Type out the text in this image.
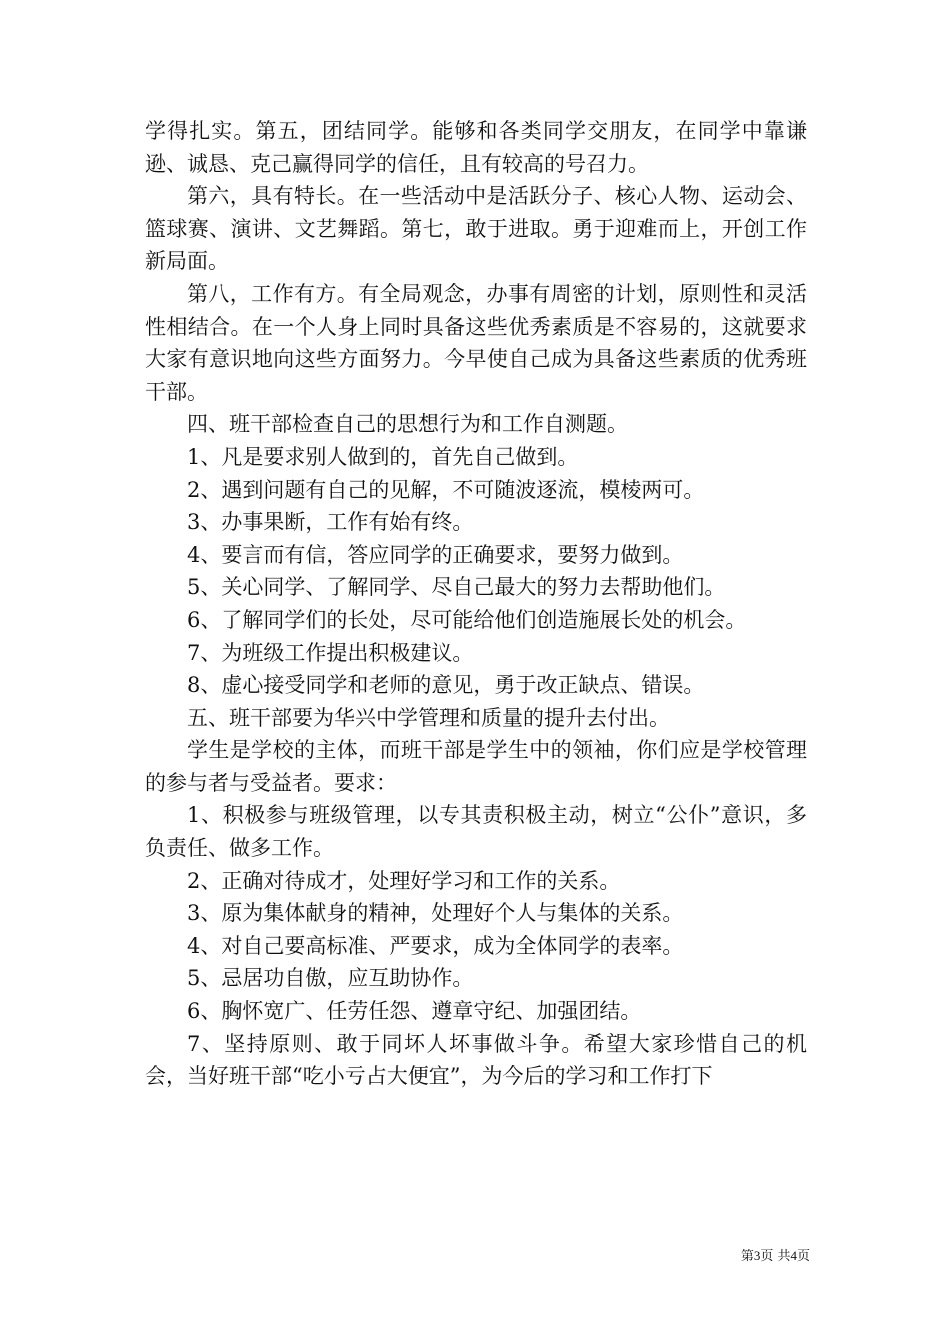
学得扎实。第五，团结同学。能够和各类同学交朋友，在同学中靠谦逊、诚恳、克己赢得同学的信任，且有较高的号召力。

第六，具有特长。在一些活动中是活跃分子、核心人物、运动会、篮球赛、演讲、文艺舞蹈。第七，敢于进取。勇于迎难而上，开创工作新局面。

第八，工作有方。有全局观念，办事有周密的计划，原则性和灵活性相结合。在一个人身上同时具备这些优秀素质是不容易的，这就要求大家有意识地向这些方面努力。今早使自己成为具备这些素质的优秀班干部。

四、班干部检查自己的思想行为和工作自测题。

1、凡是要求别人做到的，首先自己做到。

2、遇到问题有自己的见解，不可随波逐流，模棱两可。

3、办事果断，工作有始有终。

4、要言而有信，答应同学的正确要求，要努力做到。

5、关心同学、了解同学、尽自己最大的努力去帮助他们。

6、了解同学们的长处，尽可能给他们创造施展长处的机会。

7、为班级工作提出积极建议。

8、虚心接受同学和老师的意见，勇于改正缺点、错误。

五、班干部要为华兴中学管理和质量的提升去付出。

学生是学校的主体，而班干部是学生中的领袖，你们应是学校管理的参与者与受益者。要求：

1、积极参与班级管理，以专其责积极主动，树立“公仆”意识，多负责任、做多工作。

2、正确对待成才，处理好学习和工作的关系。

3、原为集体献身的精神，处理好个人与集体的关系。

4、对自己要高标准、严要求，成为全体同学的表率。

5、忌居功自傲，应互助协作。

6、胸怀宽广、任劳任怨、遵章守纪、加强团结。

7、坚持原则、敢于同坏人坏事做斗争。希望大家珍惜自己的机会，当好班干部“吃小亏占大便宜”，为今后的学习和工作打下

第3页 共4页
